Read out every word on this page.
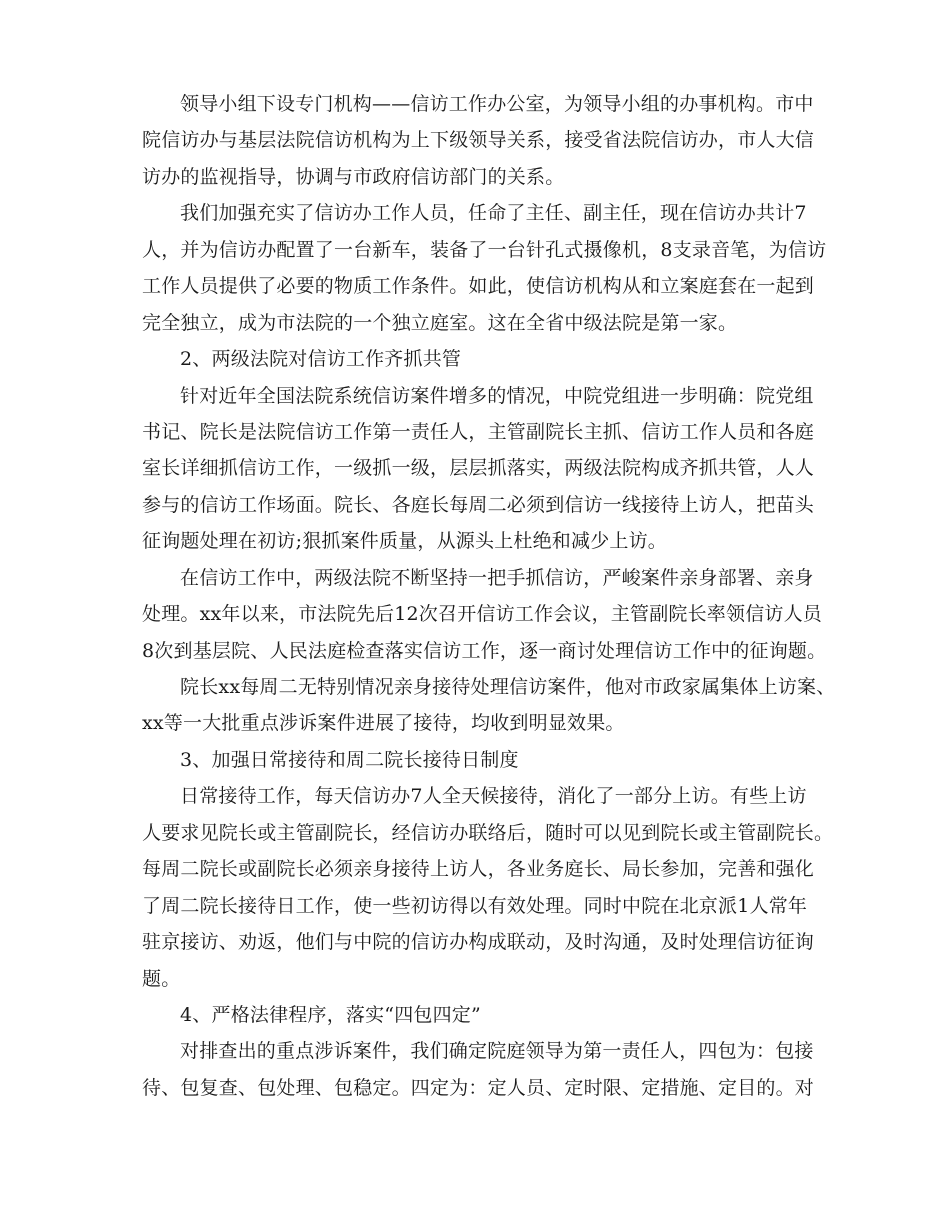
领导小组下设专门机构——信访工作办公室，为领导小组的办事机构。市中
院信访办与基层法院信访机构为上下级领导关系，接受省法院信访办，市人大信
访办的监视指导，协调与市政府信访部门的关系。
我们加强充实了信访办工作人员，任命了主任、副主任，现在信访办共计7
人，并为信访办配置了一台新车，装备了一台针孔式摄像机，8支录音笔，为信访
工作人员提供了必要的物质工作条件。如此，使信访机构从和立案庭套在一起到
完全独立，成为市法院的一个独立庭室。这在全省中级法院是第一家。
2、两级法院对信访工作齐抓共管
针对近年全国法院系统信访案件增多的情况，中院党组进一步明确：院党组
书记、院长是法院信访工作第一责任人，主管副院长主抓、信访工作人员和各庭
室长详细抓信访工作，一级抓一级，层层抓落实，两级法院构成齐抓共管，人人
参与的信访工作场面。院长、各庭长每周二必须到信访一线接待上访人，把苗头
征询题处理在初访;狠抓案件质量，从源头上杜绝和减少上访。
在信访工作中，两级法院不断坚持一把手抓信访，严峻案件亲身部署、亲身
处理。xx年以来，市法院先后12次召开信访工作会议，主管副院长率领信访人员
8次到基层院、人民法庭检查落实信访工作，逐一商讨处理信访工作中的征询题。
院长xx每周二无特别情况亲身接待处理信访案件，他对市政家属集体上访案、
xx等一大批重点涉诉案件进展了接待，均收到明显效果。
3、加强日常接待和周二院长接待日制度
日常接待工作，每天信访办7人全天候接待，消化了一部分上访。有些上访
人要求见院长或主管副院长，经信访办联络后，随时可以见到院长或主管副院长。
每周二院长或副院长必须亲身接待上访人，各业务庭长、局长参加，完善和强化
了周二院长接待日工作，使一些初访得以有效处理。同时中院在北京派1人常年
驻京接访、劝返，他们与中院的信访办构成联动，及时沟通，及时处理信访征询
题。
4、严格法律程序，落实“四包四定”
对排查出的重点涉诉案件，我们确定院庭领导为第一责任人，四包为：包接
待、包复查、包处理、包稳定。四定为：定人员、定时限、定措施、定目的。对
